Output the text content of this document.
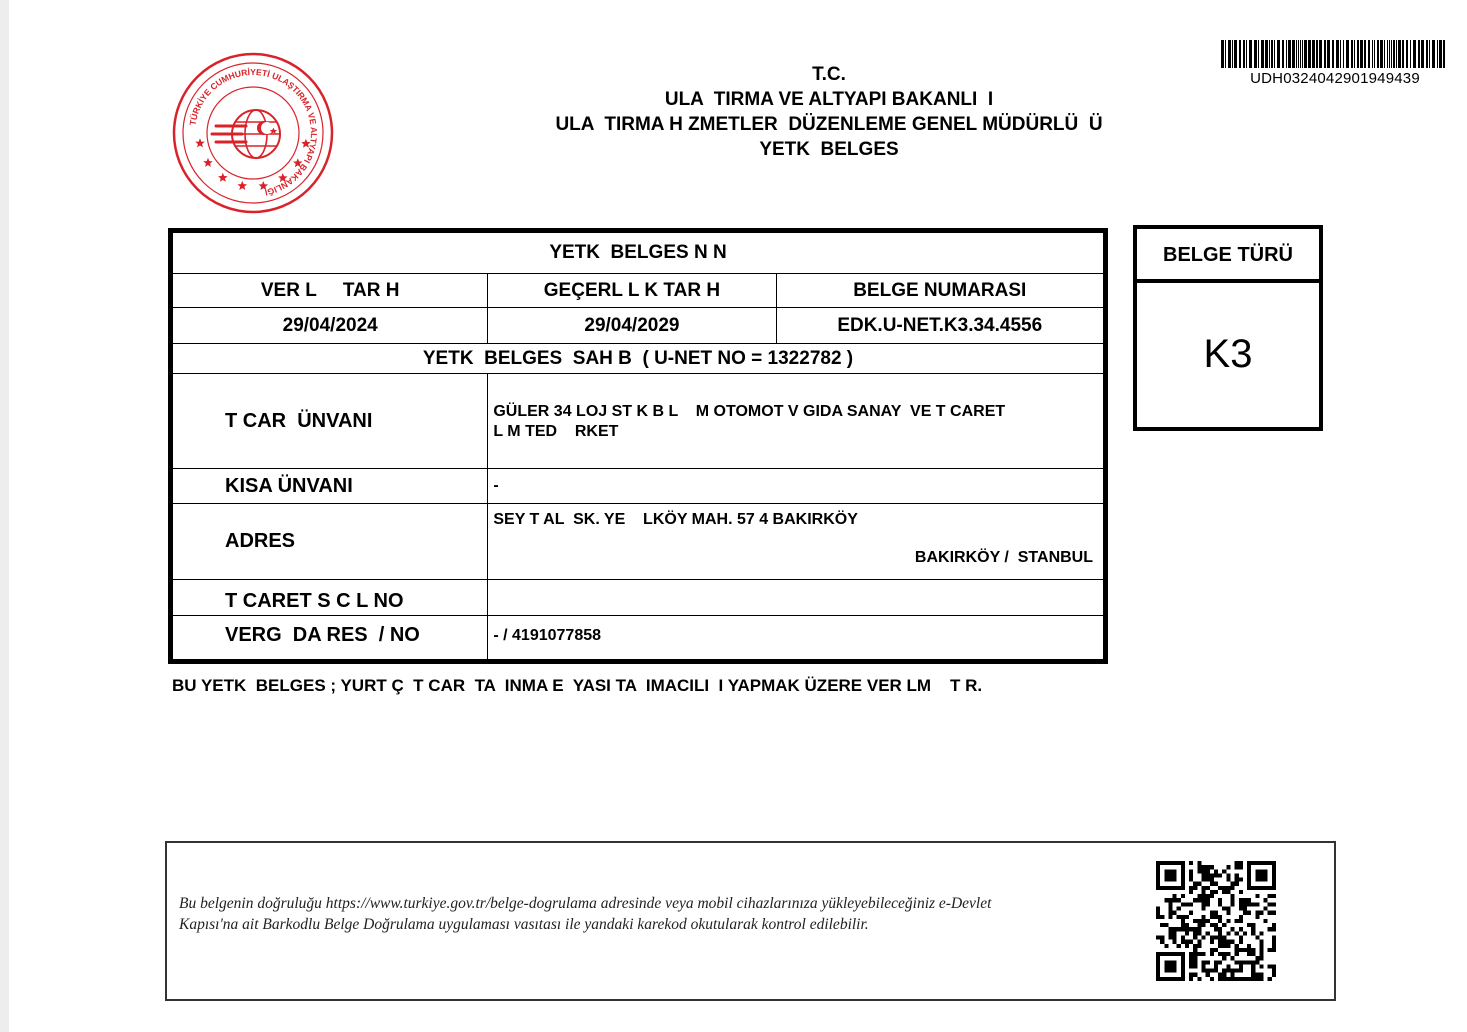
TÜRKİYE CUMHURİYETİ ULAŞTIRMA VE ALTYAPI BAKANLIĞI
T.C.
ULA  TIRMA VE ALTYAPI BAKANLI  I
ULA  TIRMA H ZMETLER  DÜZENLEME GENEL MÜDÜRLÜ  Ü
YETK  BELGES
UDH0324042901949439
YETK  BELGES N N		
VER L     TAR H	GEÇERL L K TAR H	BELGE NUMARASI
29/04/2024	29/04/2029	EDK.U-NET.K3.34.4556
YETK  BELGES  SAH B  ( U-NET NO = 1322782 )		
T CAR  ÜNVANI	GÜLER 34 LOJ ST K B L    M OTOMOT V GIDA SANAY  VE T CARET
L M TED    RKET	
KISA ÜNVANI	-	
ADRES	SEY T AL  SK. YE    LKÖY MAH. 57 4 BAKIRKÖY
BAKIRKÖY /  STANBUL	

T CARET S C L NO		
VERG  DA RES  / NO	- / 4191077858	
BELGE TÜRÜ
K3
BU YETK  BELGES ; YURT Ç  T CAR  TA  INMA E  YASI TA  IMACILI  I YAPMAK ÜZERE VER LM    T R.
Bu belgenin doğruluğu https://www.turkiye.gov.tr/belge-dogrulama adresinde veya mobil cihazlarınıza yükleyebileceğiniz e-Devlet
Kapısı'na ait Barkodlu Belge Doğrulama uygulaması vasıtası ile yandaki karekod okutularak kontrol edilebilir.
